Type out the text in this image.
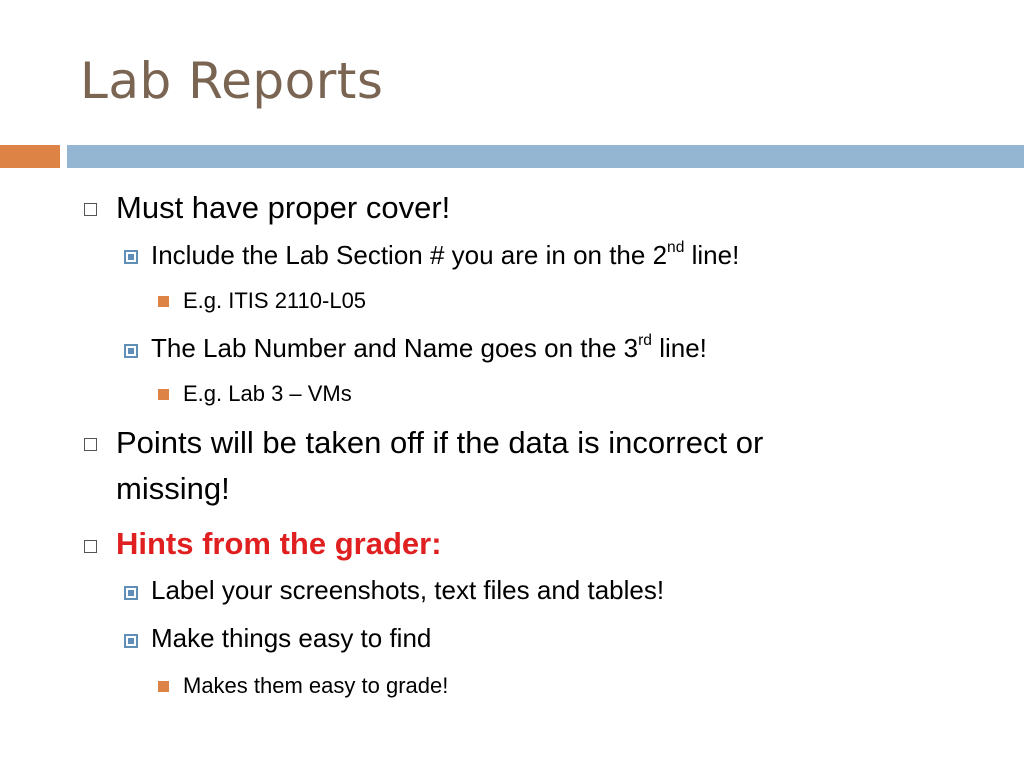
Lab Reports
Must have proper cover!
Include the Lab Section # you are in on the 2nd line!
E.g. ITIS 2110-L05
The Lab Number and Name goes on the 3rd line!
E.g. Lab 3 – VMs
Points will be taken off if the data is incorrect or
missing!
Hints from the grader:
Label your screenshots, text files and tables!
Make things easy to find
Makes them easy to grade!
